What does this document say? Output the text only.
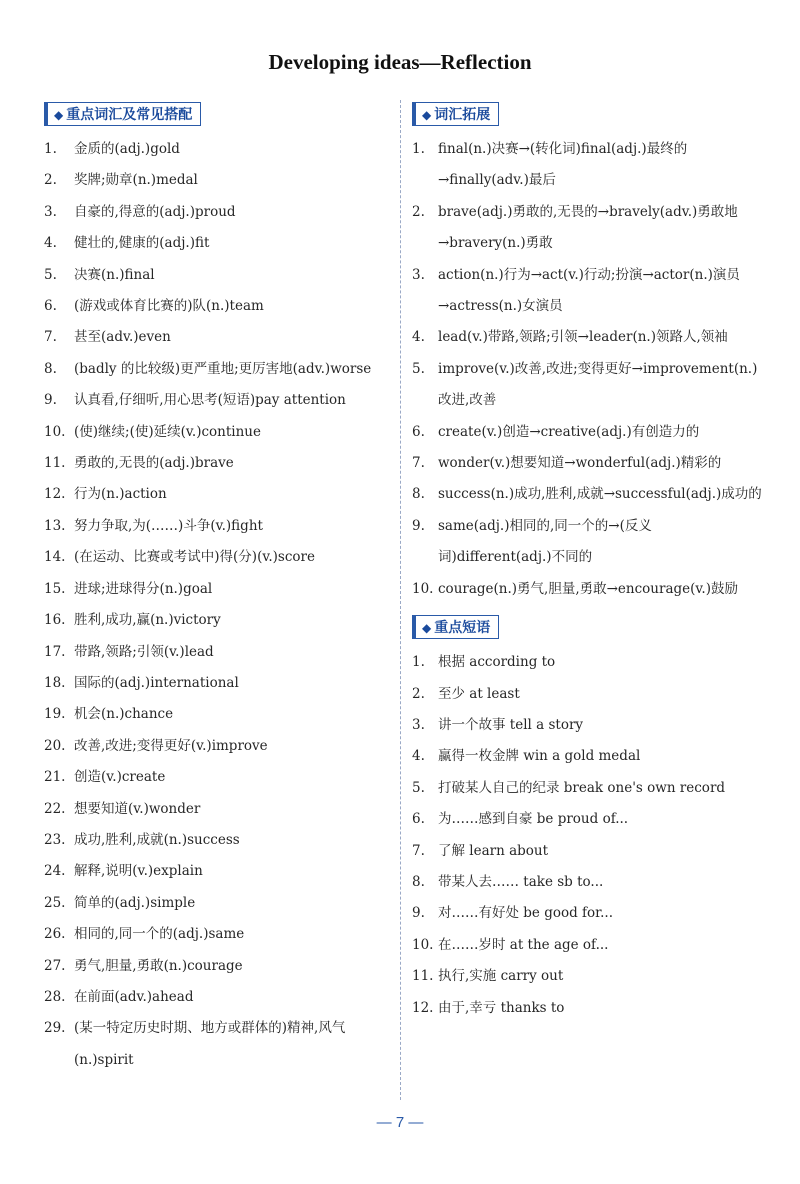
Developing ideas—Reflection
◆ 重点词汇及常见搭配
1.	金质的(adj.)gold
2.	奖牌;勋章(n.)medal
3.	自豪的,得意的(adj.)proud
4.	健壮的,健康的(adj.)fit
5.	决赛(n.)final
6.	(游戏或体育比赛的)队(n.)team
7.	甚至(adv.)even
8.	(badly 的比较级)更严重地;更厉害地(adv.)worse
9.	认真看,仔细听,用心思考(短语)pay attention
10. (使)继续;(使)延续(v.)continue
11. 勇敢的,无畏的(adj.)brave
12. 行为(n.)action
13. 努力争取,为(……)斗争(v.)fight
14. (在运动、比赛或考试中)得(分)(v.)score
15. 进球;进球得分(n.)goal
16. 胜利,成功,赢(n.)victory
17. 带路,领路;引领(v.)lead
18. 国际的(adj.)international
19. 机会(n.)chance
20. 改善,改进;变得更好(v.)improve
21. 创造(v.)create
22. 想要知道(v.)wonder
23. 成功,胜利,成就(n.)success
24. 解释,说明(v.)explain
25. 简单的(adj.)simple
26. 相同的,同一个的(adj.)same
27. 勇气,胆量,勇敢(n.)courage
28. 在前面(adv.)ahead
29. (某一特定历史时期、地方或群体的)精神,风气(n.)spirit
◆ 词汇拓展
1. final(n.)决赛→(转化词)final(adj.)最终的→finally(adv.)最后
2. brave(adj.)勇敢的,无畏的→bravely(adv.)勇敢地→bravery(n.)勇敢
3. action(n.)行为→act(v.)行动;扮演→actor(n.)演员→actress(n.)女演员
4. lead(v.)带路,领路;引领→leader(n.)领路人,领袖
5. improve(v.)改善,改进;变得更好→improvement(n.)改进,改善
6. create(v.)创造→creative(adj.)有创造力的
7. wonder(v.)想要知道→wonderful(adj.)精彩的
8. success(n.)成功,胜利,成就→successful(adj.)成功的
9. same(adj.)相同的,同一个的→(反义词)different(adj.)不同的
10. courage(n.)勇气,胆量,勇敢→encourage(v.)鼓励
◆ 重点短语
1. 根据 according to
2. 至少 at least
3. 讲一个故事 tell a story
4. 赢得一枚金牌 win a gold medal
5. 打破某人自己的纪录 break one's own record
6. 为……感到自豪 be proud of...
7. 了解 learn about
8. 带某人去…… take sb to...
9. 对……有好处 be good for...
10. 在……岁时 at the age of...
11. 执行,实施 carry out
12. 由于,幸亏 thanks to
— 7 —
